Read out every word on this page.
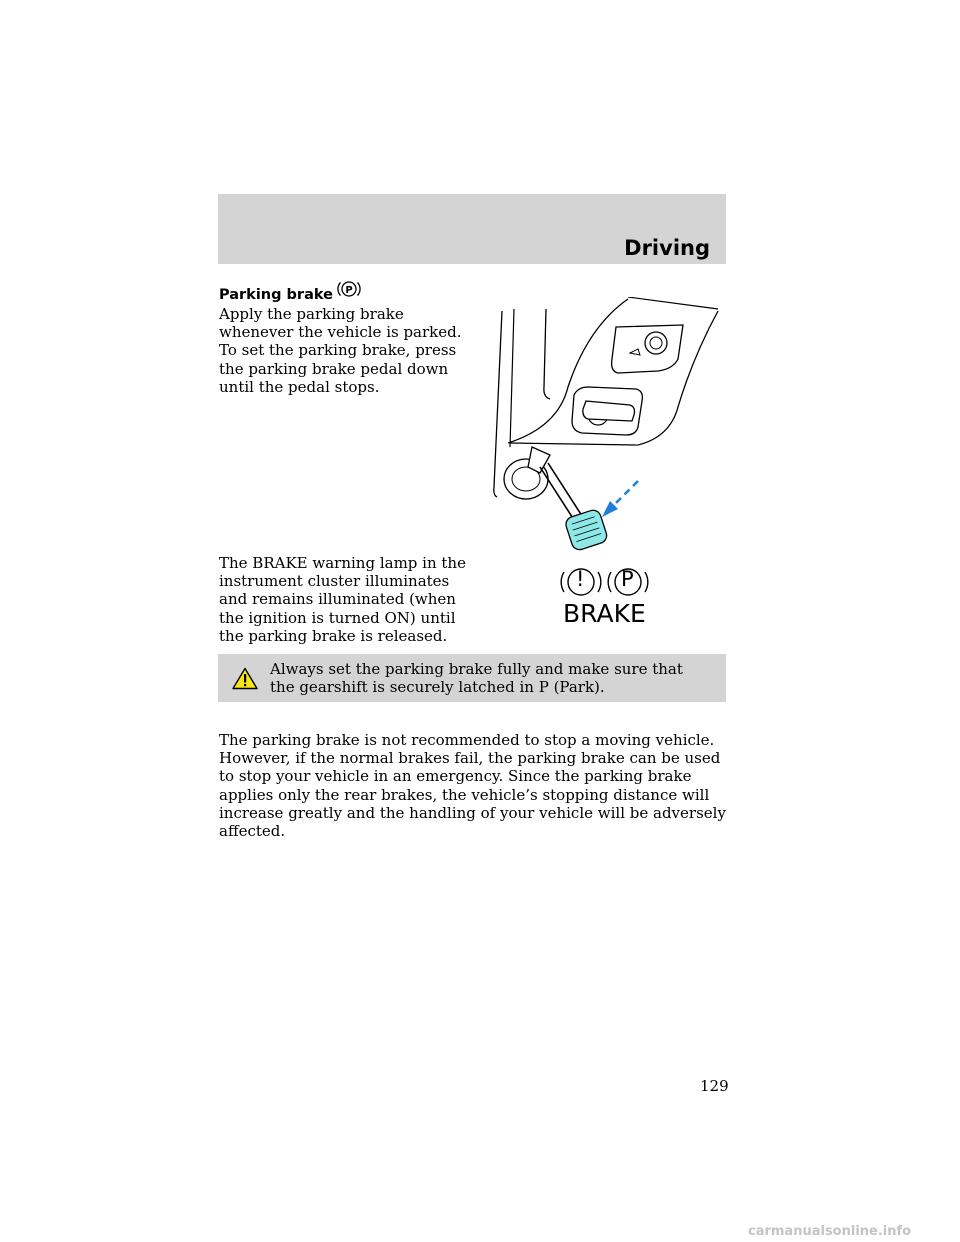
Driving
Parking brake P

Apply the parking brake whenever the vehicle is parked. To set the parking brake, press the parking brake pedal down until the pedal stops.

The BRAKE warning lamp in the instrument cluster illuminates and remains illuminated (when the ignition is turned ON) until the parking brake is released.

! P
BRAKE

Always set the parking brake fully and make sure that the gearshift is securely latched in P (Park).

The parking brake is not recommended to stop a moving vehicle. However, if the normal brakes fail, the parking brake can be used to stop your vehicle in an emergency. Since the parking brake applies only the rear brakes, the vehicle’s stopping distance will increase greatly and the handling of your vehicle will be adversely affected.

129
carmanualsonline.info
